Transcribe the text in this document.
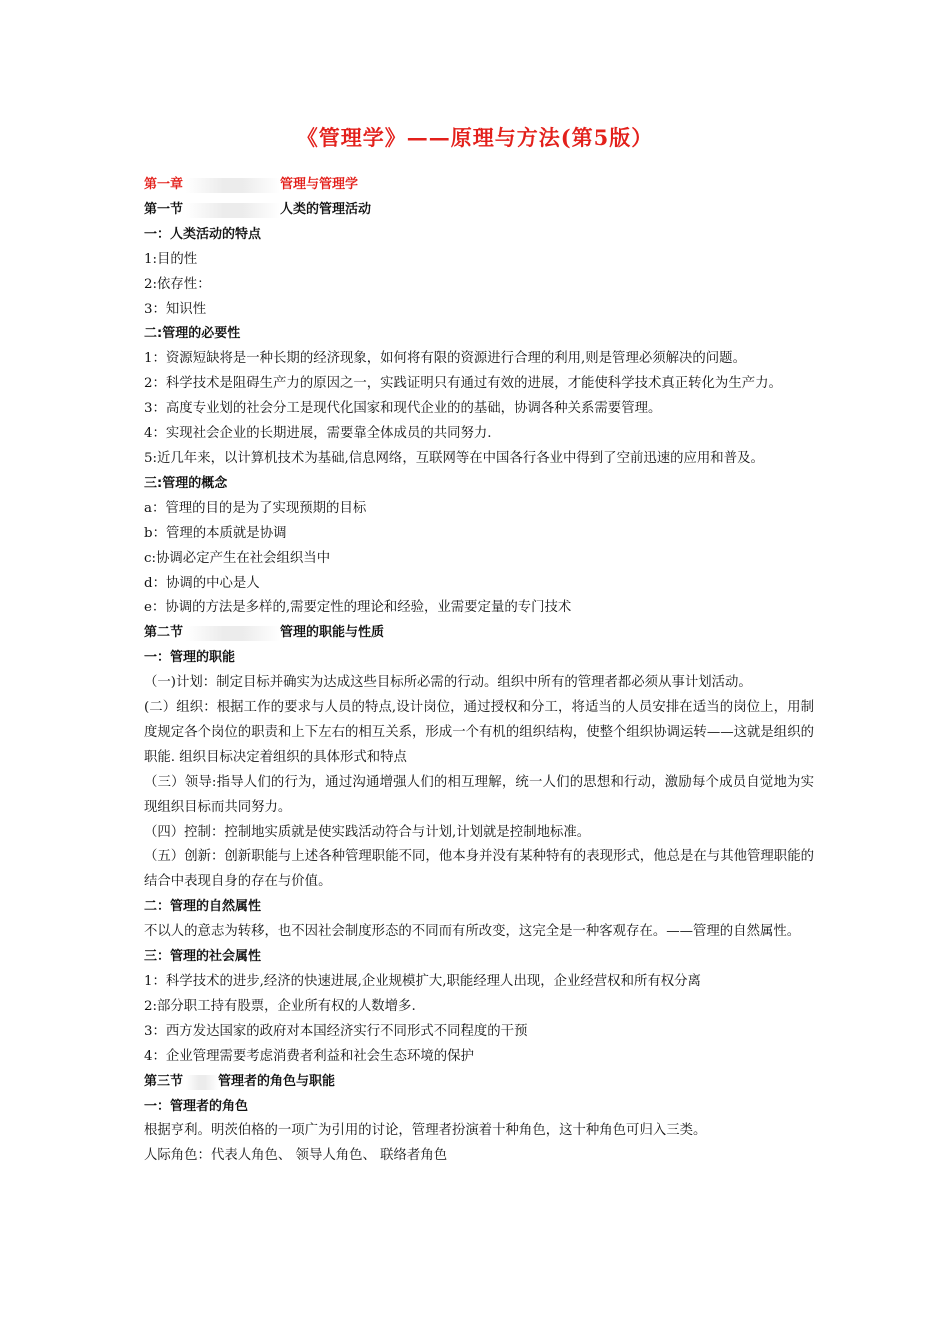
《管理学》——原理与方法(第5版）
第一章	管理与管理学
第一节	人类的管理活动
一：人类活动的特点
1:目的性
2:依存性：
3：知识性
二:管理的必要性
1：资源短缺将是一种长期的经济现象，如何将有限的资源进行合理的利用,则是管理必须解决的问题。
2：科学技术是阻碍生产力的原因之一，实践证明只有通过有效的进展，才能使科学技术真正转化为生产力。
3：高度专业划的社会分工是现代化国家和现代企业的的基础，协调各种关系需要管理。
4：实现社会企业的长期进展，需要靠全体成员的共同努力.
5:近几年来，以计算机技术为基础,信息网络，互联网等在中国各行各业中得到了空前迅速的应用和普及。
三:管理的概念
a：管理的目的是为了实现预期的目标
b：管理的本质就是协调
c:协调必定产生在社会组织当中
d：协调的中心是人
e：协调的方法是多样的,需要定性的理论和经验，业需要定量的专门技术
第二节	管理的职能与性质
一：管理的职能
（一)计划：制定目标并确实为达成这些目标所必需的行动。组织中所有的管理者都必须从事计划活动。
(二）组织：根据工作的要求与人员的特点,设计岗位，通过授权和分工，将适当的人员安排在适当的岗位上，用制度规定各个岗位的职责和上下左右的相互关系，形成一个有机的组织结构，使整个组织协调运转——这就是组织的职能. 组织目标决定着组织的具体形式和特点
（三）领导:指导人们的行为，通过沟通增强人们的相互理解，统一人们的思想和行动，激励每个成员自觉地为实现组织目标而共同努力。
（四）控制：控制地实质就是使实践活动符合与计划,计划就是控制地标准。
（五）创新：创新职能与上述各种管理职能不同，他本身并没有某种特有的表现形式，他总是在与其他管理职能的结合中表现自身的存在与价值。
二：管理的自然属性
不以人的意志为转移，也不因社会制度形态的不同而有所改变，这完全是一种客观存在。——管理的自然属性。
三：管理的社会属性
1：科学技术的进步,经济的快速进展,企业规模扩大,职能经理人出现，企业经营权和所有权分离
2:部分职工持有股票，企业所有权的人数增多.
3：西方发达国家的政府对本国经济实行不同形式不同程度的干预
4：企业管理需要考虑消费者利益和社会生态环境的保护
第三节	管理者的角色与职能
一：管理者的角色
根据亨利。明茨伯格的一项广为引用的讨论，管理者扮演着十种角色，这十种角色可归入三类。
人际角色：代表人角色、 领导人角色、 联络者角色
